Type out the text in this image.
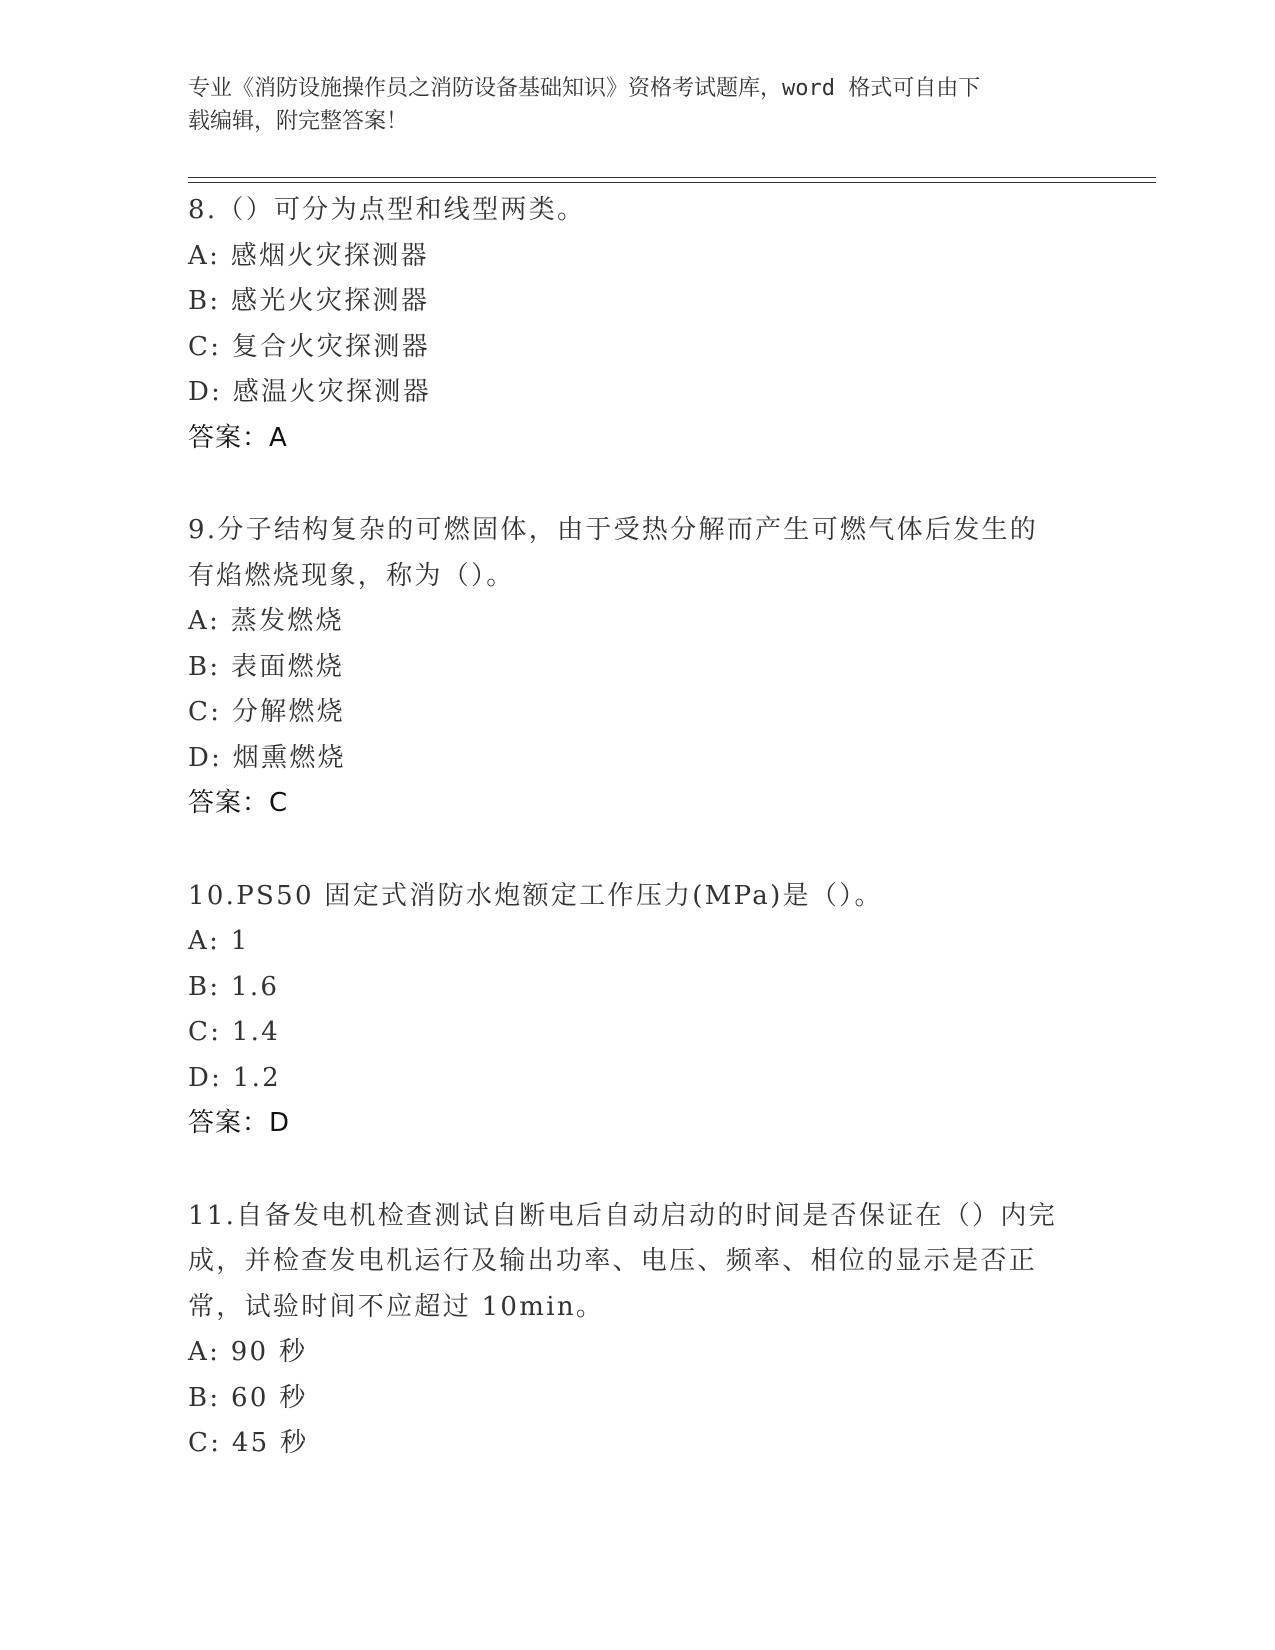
专业《消防设施操作员之消防设备基础知识》资格考试题库，word 格式可自由下
载编辑，附完整答案！
8.（）可分为点型和线型两类。
A: 感烟火灾探测器
B: 感光火灾探测器
C: 复合火灾探测器
D: 感温火灾探测器
答案：A
9.分子结构复杂的可燃固体，由于受热分解而产生可燃气体后发生的
有焰燃烧现象，称为（）。
A: 蒸发燃烧
B: 表面燃烧
C: 分解燃烧
D: 烟熏燃烧
答案：C
10.PS50 固定式消防水炮额定工作压力(MPa)是（）。
A: 1
B: 1.6
C: 1.4
D: 1.2
答案：D
11.自备发电机检查测试自断电后自动启动的时间是否保证在（）内完
成，并检查发电机运行及输出功率、电压、频率、相位的显示是否正
常，试验时间不应超过 10min。
A: 90 秒
B: 60 秒
C: 45 秒
